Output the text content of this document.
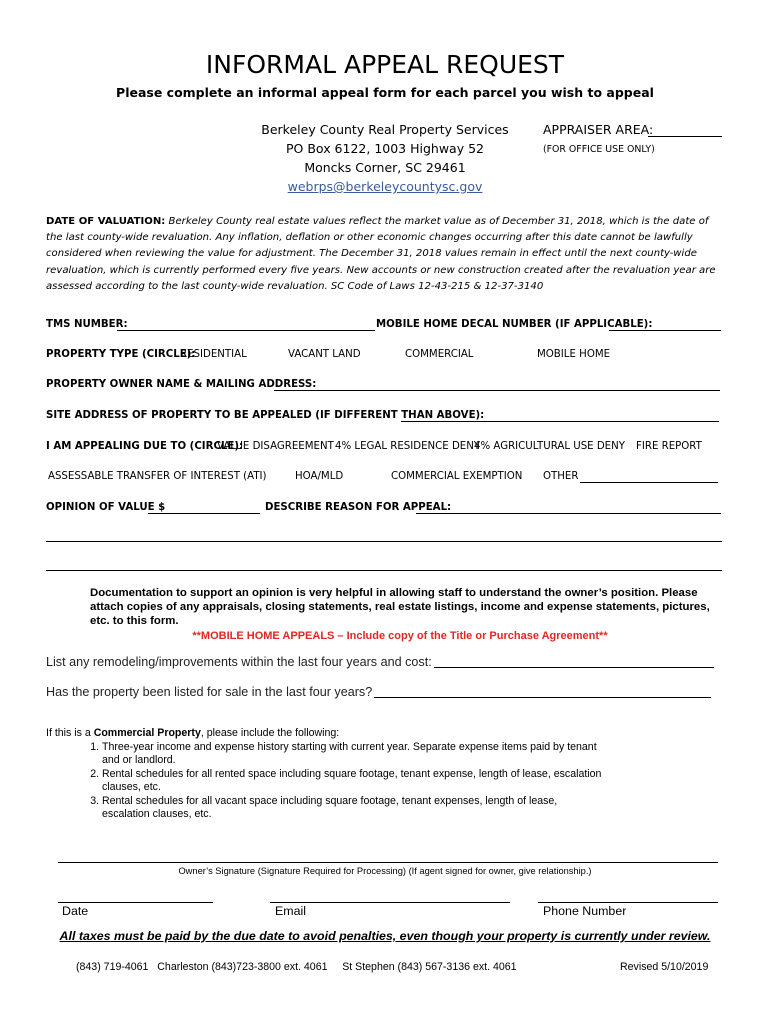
INFORMAL APPEAL REQUEST
Please complete an informal appeal form for each parcel you wish to appeal
Berkeley County Real Property Services
PO Box 6122, 1003 Highway 52
Moncks Corner, SC 29461
webrps@berkeleycountysc.gov
APPRAISER AREA:
(FOR OFFICE USE ONLY)
DATE OF VALUATION: Berkeley County real estate values reflect the market value as of December 31, 2018, which is the date of the last county-wide revaluation. Any inflation, deflation or other economic changes occurring after this date cannot be lawfully considered when reviewing the value for adjustment. The December 31, 2018 values remain in effect until the next county-wide revaluation, which is currently performed every five years. New accounts or new construction created after the revaluation year are assessed according to the last county-wide revaluation. SC Code of Laws 12-43-215 & 12-37-3140
TMS NUMBER:	MOBILE HOME DECAL NUMBER (IF APPLICABLE):
PROPERTY TYPE (CIRCLE):
RESIDENTIAL	VACANT LAND	COMMERCIAL	MOBILE HOME
PROPERTY OWNER NAME & MAILING ADDRESS:
SITE ADDRESS OF PROPERTY TO BE APPEALED (IF DIFFERENT THAN ABOVE):
I AM APPEALING DUE TO (CIRCLE):
VALUE DISAGREEMENT 4% LEGAL RESIDENCE DENY
4% AGRICULTURAL USE DENY FIRE REPORT
ASSESSABLE TRANSFER OF INTEREST (ATI)	HOA/MLD	COMMERCIAL EXEMPTION OTHER
OPINION OF VALUE $	DESCRIBE REASON FOR APPEAL:
Documentation to support an opinion is very helpful in allowing staff to understand the owner’s position. Please attach copies of any appraisals, closing statements, real estate listings, income and expense statements, pictures, etc. to this form.
**MOBILE HOME APPEALS – Include copy of the Title or Purchase Agreement**
List any remodeling/improvements within the last four years and cost:
Has the property been listed for sale in the last four years?
If this is a Commercial Property, please include the following:
1. Three-year income and expense history starting with current year. Separate expense items paid by tenant and or landlord.
2. Rental schedules for all rented space including square footage, tenant expense, length of lease, escalation clauses, etc.
3. Rental schedules for all vacant space including square footage, tenant expenses, length of lease, escalation clauses, etc.
Owner’s Signature (Signature Required for Processing) (If agent signed for owner, give relationship.)
Date	Email	Phone Number
All taxes must be paid by the due date to avoid penalties, even though your property is currently under review.
(843) 719-4061   Charleston (843)723-3800 ext. 4061     St Stephen (843) 567-3136 ext. 4061	Revised 5/10/2019
